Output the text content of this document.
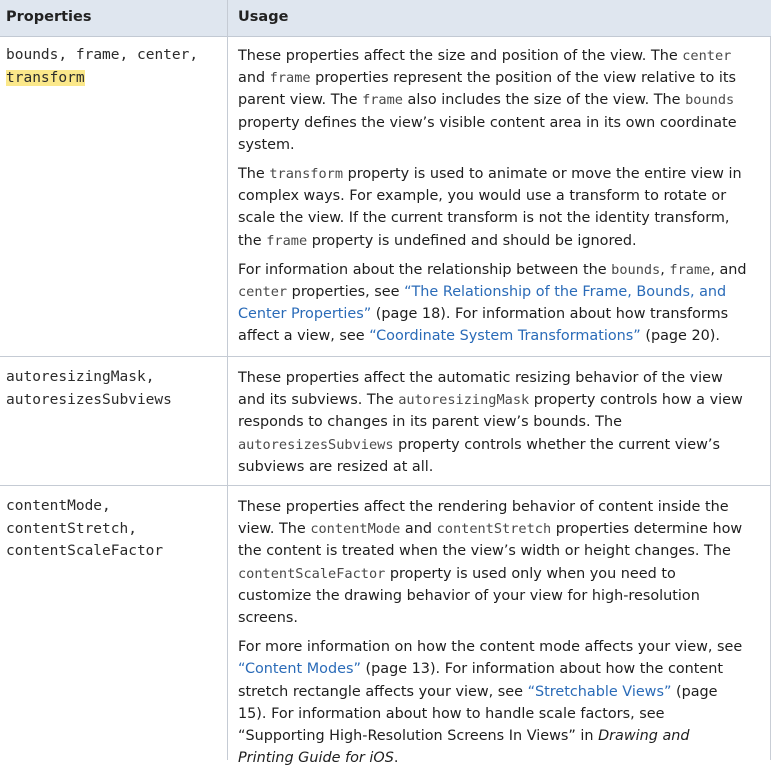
Properties	Usage
bounds, frame, center,
transform

These properties affect the size and position of the view. The center and frame properties represent the position of the view relative to its parent view. The frame also includes the size of the view. The bounds property defines the view’s visible content area in its own coordinate system.

The transform property is used to animate or move the entire view in complex ways. For example, you would use a transform to rotate or scale the view. If the current transform is not the identity transform, the frame property is undefined and should be ignored.

For information about the relationship between the bounds, frame, and center properties, see “The Relationship of the Frame, Bounds, and Center Properties” (page 18). For information about how transforms affect a view, see “Coordinate System Transformations” (page 20).

autoresizingMask,
autoresizesSubviews

These properties affect the automatic resizing behavior of the view and its subviews. The autoresizingMask property controls how a view responds to changes in its parent view’s bounds. The autoresizesSubviews property controls whether the current view’s subviews are resized at all.

contentMode,
contentStretch,
contentScaleFactor

These properties affect the rendering behavior of content inside the view. The contentMode and contentStretch properties determine how the content is treated when the view’s width or height changes. The contentScaleFactor property is used only when you need to customize the drawing behavior of your view for high-resolution screens.

For more information on how the content mode affects your view, see “Content Modes” (page 13). For information about how the content stretch rectangle affects your view, see “Stretchable Views” (page 15). For information about how to handle scale factors, see “Supporting High-Resolution Screens In Views” in Drawing and Printing Guide for iOS.
